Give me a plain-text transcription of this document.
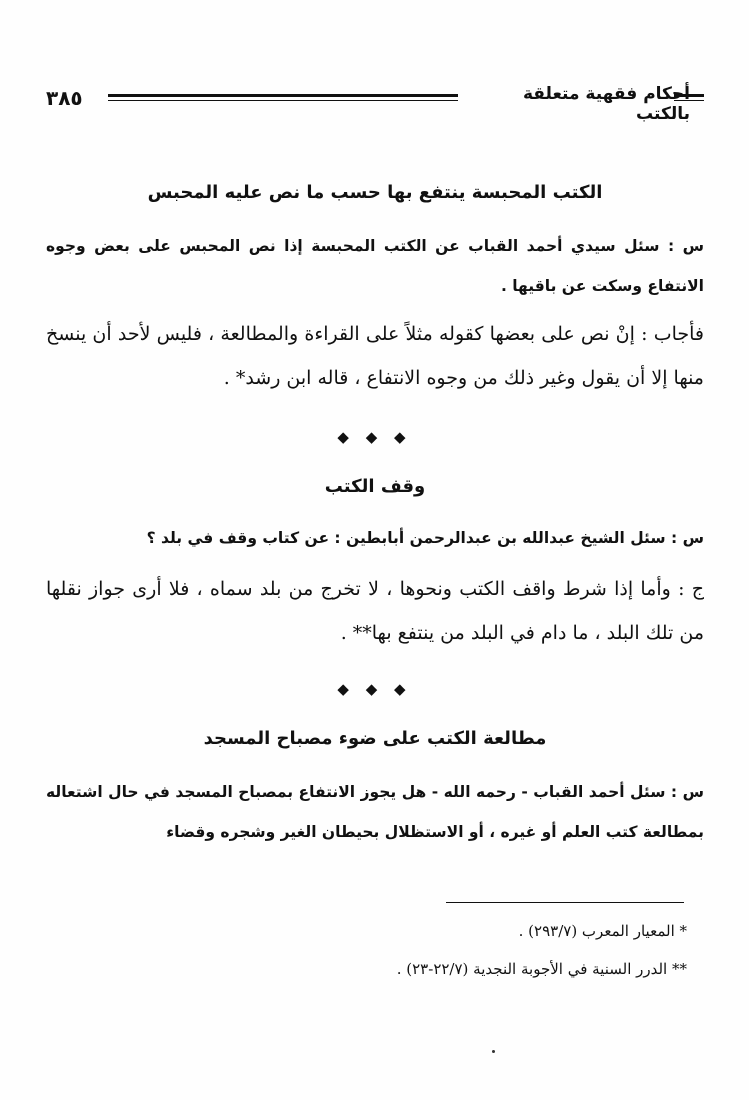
٣٨٥	أحكام فقهية متعلقة بالكتب
الكتب المحبسة ينتفع بها حسب ما نص عليه المحبس
س : سئل سيدي أحمد القباب عن الكتب المحبسة إذا نص المحبس على بعض وجوه الانتفاع وسكت عن باقيها .
فأجاب : إنْ نص على بعضها كقوله مثلاً على القراءة والمطالعة ، فليس لأحد أن ينسخ منها إلا أن يقول وغير ذلك من وجوه الانتفاع ، قاله ابن رشد* .
◆ ◆ ◆
وقف الكتب
س : سئل الشيخ عبدالله بن عبدالرحمن أبابطين : عن كتاب وقف في بلد ؟
ج : وأما إذا شرط واقف الكتب ونحوها ، لا تخرج من بلد سماه ، فلا أرى جواز نقلها من تلك البلد ، ما دام في البلد من ينتفع بها** .
◆ ◆ ◆
مطالعة الكتب على ضوء مصباح المسجد
س : سئل أحمد القباب - رحمه الله - هل يجوز الانتفاع بمصباح المسجد في حال اشتعاله بمطالعة كتب العلم أو غيره ، أو الاستظلال بحيطان الغير وشجره وقضاء
* المعيار المعرب (٢٩٣/٧) .
** الدرر السنية في الأجوبة النجدية (٢٢/٧-٢٣) .
